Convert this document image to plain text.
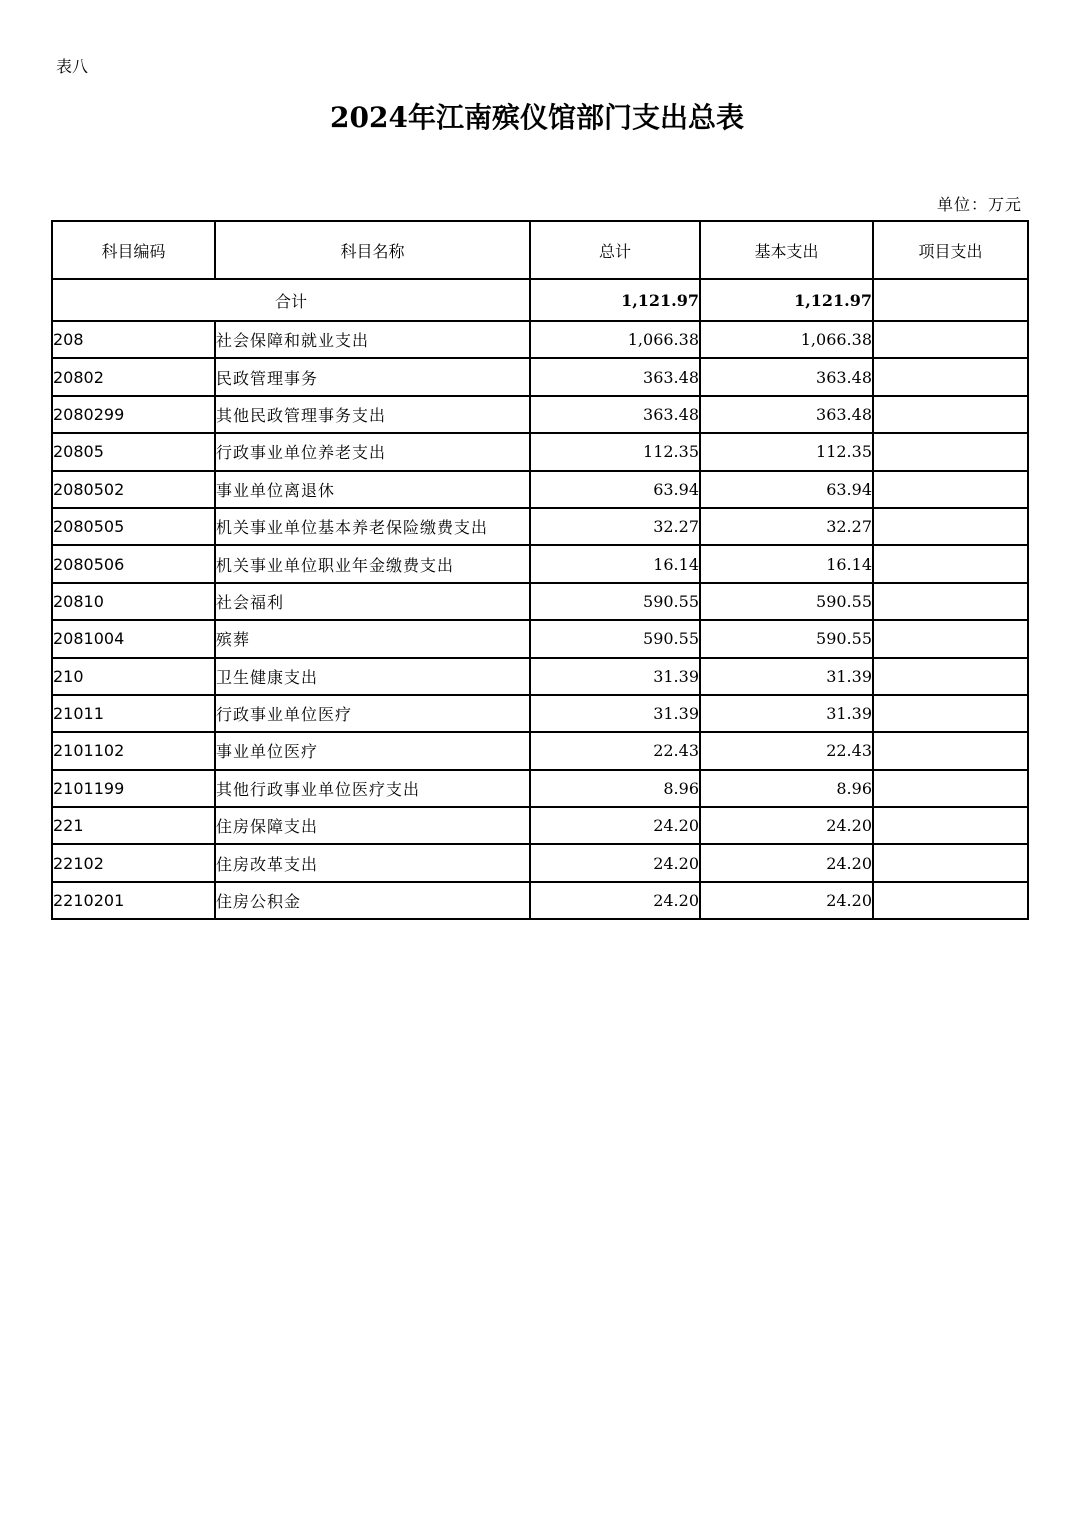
表八
2024年江南殡仪馆部门支出总表
单位：万元
科目编码	科目名称	总计	基本支出	项目支出
合计		1,121.97	1,121.97	
208	社会保障和就业支出	1,066.38	1,066.38	
20802	民政管理事务	363.48	363.48	
2080299	其他民政管理事务支出	363.48	363.48	
20805	行政事业单位养老支出	112.35	112.35	
2080502	事业单位离退休	63.94	63.94	
2080505	机关事业单位基本养老保险缴费支出	32.27	32.27	
2080506	机关事业单位职业年金缴费支出	16.14	16.14	
20810	社会福利	590.55	590.55	
2081004	殡葬	590.55	590.55	
210	卫生健康支出	31.39	31.39	
21011	行政事业单位医疗	31.39	31.39	
2101102	事业单位医疗	22.43	22.43	
2101199	其他行政事业单位医疗支出	8.96	8.96	
221	住房保障支出	24.20	24.20	
22102	住房改革支出	24.20	24.20	
2210201	住房公积金	24.20	24.20	
